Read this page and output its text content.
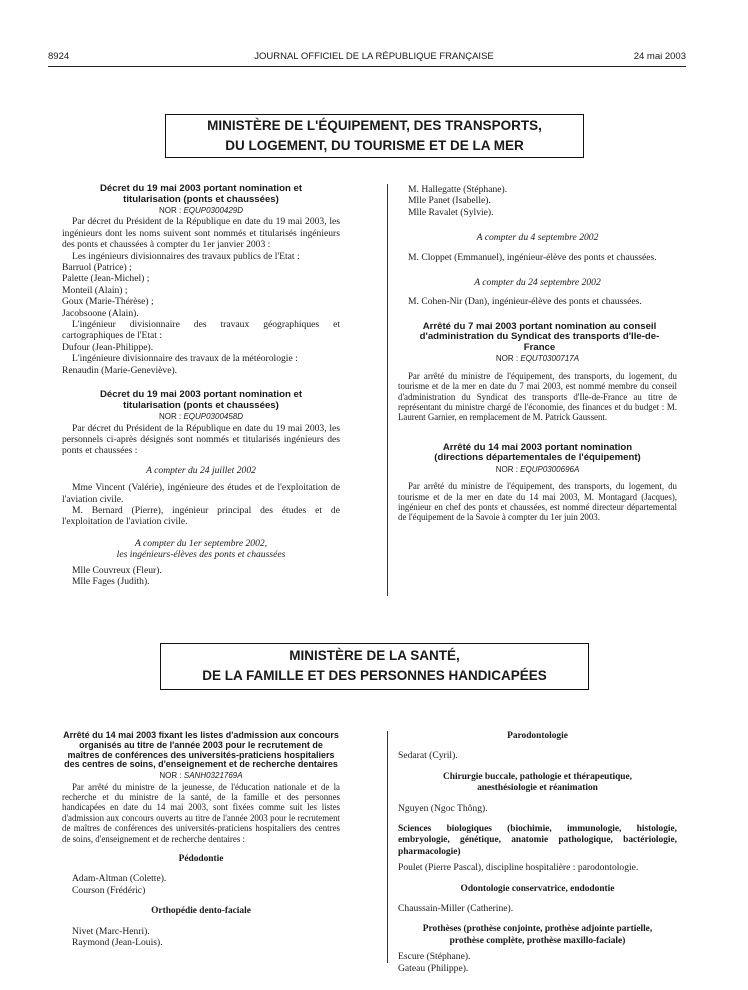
8924	JOURNAL OFFICIEL DE LA RÉPUBLIQUE FRANÇAISE	24 mai 2003
MINISTÈRE DE L'ÉQUIPEMENT, DES TRANSPORTS,
DU LOGEMENT, DU TOURISME ET DE LA MER

Décret du 19 mai 2003 portant nomination et titularisation (ponts et chaussées)

NOR : EQUP0300429D

Par décret du Président de la République en date du 19 mai 2003, les ingénieurs dont les noms suivent sont nommés et titularisés ingénieurs des ponts et chaussées à compter du 1er janvier 2003 :

Les ingénieurs divisionnaires des travaux publics de l'Etat :

Barruol (Patrice) ;

Palette (Jean-Michel) ;

Monteil (Alain) ;

Goux (Marie-Thérèse) ;

Jacobsoone (Alain).

L'ingénieur divisionnaire des travaux géographiques et cartographiques de l'Etat :

Dufour (Jean-Philippe).

L'ingénieure divisionnaire des travaux de la météorologie :

Renaudin (Marie-Geneviève).

Décret du 19 mai 2003 portant nomination et titularisation (ponts et chaussées)

NOR : EQUP0300458D

Par décret du Président de la République en date du 19 mai 2003, les personnels ci-après désignés sont nommés et titularisés ingénieurs des ponts et chaussées :

A compter du 24 juillet 2002

Mme Vincent (Valérie), ingénieure des études et de l'exploitation de l'aviation civile.

M. Bernard (Pierre), ingénieur principal des études et de l'exploitation de l'aviation civile.

A compter du 1er septembre 2002,

les ingénieurs-élèves des ponts et chaussées

Mlle Couvreux (Fleur).

Mlle Fages (Judith).

M. Hallegatte (Stéphane).

Mlle Panet (Isabelle).

Mlle Ravalet (Sylvie).

A compter du 4 septembre 2002

M. Cloppet (Emmanuel), ingénieur-élève des ponts et chaussées.

A compter du 24 septembre 2002

M. Cohen-Nir (Dan), ingénieur-élève des ponts et chaussées.

Arrêté du 7 mai 2003 portant nomination au conseil d'administration du Syndicat des transports d'Ile-de-France

NOR : EQUT0300717A

Par arrêté du ministre de l'équipement, des transports, du logement, du tourisme et de la mer en date du 7 mai 2003, est nommé membre du conseil d'administration du Syndicat des transports d'Ile-de-France au titre de représentant du ministre chargé de l'économie, des finances et du budget : M. Laurent Garnier, en remplacement de M. Patrick Gaussent.

Arrêté du 14 mai 2003 portant nomination (directions départementales de l'équipement)

NOR : EQUP0300696A

Par arrêté du ministre de l'équipement, des transports, du logement, du tourisme et de la mer en date du 14 mai 2003, M. Montagard (Jacques), ingénieur en chef des ponts et chaussées, est nommé directeur départemental de l'équipement de la Savoie à compter du 1er juin 2003.

MINISTÈRE DE LA SANTÉ,
DE LA FAMILLE ET DES PERSONNES HANDICAPÉES

Arrêté du 14 mai 2003 fixant les listes d'admission aux concours organisés au titre de l'année 2003 pour le recrutement de maîtres de conférences des universités-praticiens hospitaliers des centres de soins, d'enseignement et de recherche dentaires

NOR : SANH0321769A

Par arrêté du ministre de la jeunesse, de l'éducation nationale et de la recherche et du ministre de la santé, de la famille et des personnes handicapées en date du 14 mai 2003, sont fixées comme suit les listes d'admission aux concours ouverts au titre de l'année 2003 pour le recrutement de maîtres de conférences des universités-praticiens hospitaliers des centres de soins, d'enseignement et de recherche dentaires :

Pédodontie

Adam-Altman (Colette).

Courson (Frédéric)

Orthopédie dento-faciale

Nivet (Marc-Henri).

Raymond (Jean-Louis).

Parodontologie

Sedarat (Cyril).

Chirurgie buccale, pathologie et thérapeutique, anesthésiologie et réanimation

Nguyen (Ngoc Thông).

Sciences biologiques (biochimie, immunologie, histologie, embryologie, génétique, anatomie pathologique, bactériologie, pharmacologie)

Poulet (Pierre Pascal), discipline hospitalière : parodontologie.

Odontologie conservatrice, endodontie

Chaussain-Miller (Catherine).

Prothèses (prothèse conjointe, prothèse adjointe partielle, prothèse complète, prothèse maxillo-faciale)

Escure (Stéphane).

Gateau (Philippe).
